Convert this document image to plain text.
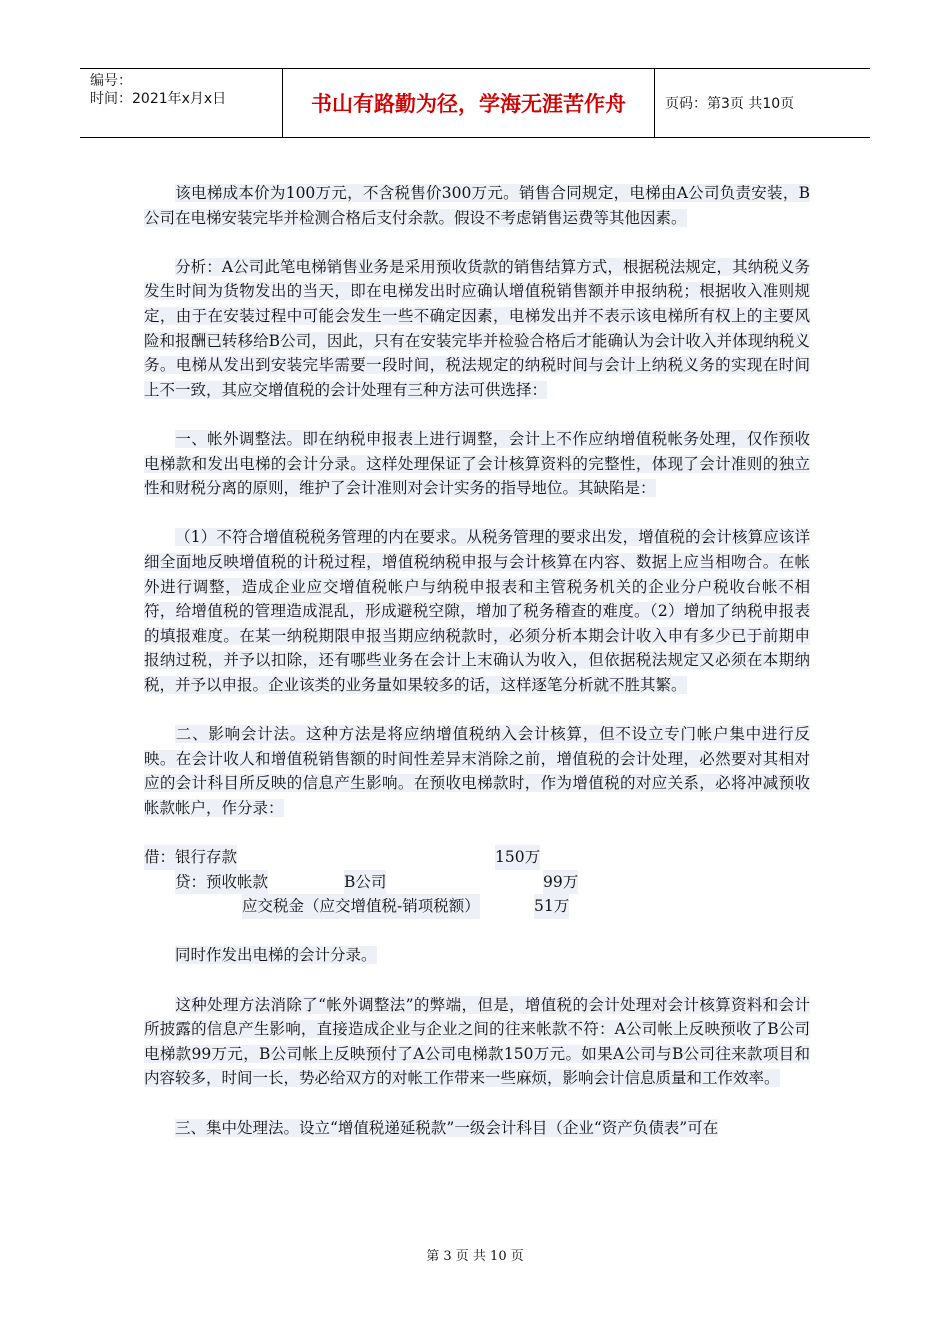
编号：
时间：2021年x月x日	书山有路勤为径，学海无涯苦作舟	页码：第3页 共10页

该电梯成本价为100万元，不含税售价300万元。销售合同规定，电梯由A公司负责安装，B公司在电梯安装完毕并检测合格后支付余款。假设不考虑销售运费等其他因素。

分析：A公司此笔电梯销售业务是采用预收货款的销售结算方式，根据税法规定，其纳税义务发生时间为货物发出的当天，即在电梯发出时应确认增值税销售额并申报纳税；根据收入准则规定，由于在安装过程中可能会发生一些不确定因素，电梯发出并不表示该电梯所有权上的主要风险和报酬已转移给B公司，因此，只有在安装完毕并检验合格后才能确认为会计收入并体现纳税义务。电梯从发出到安装完毕需要一段时间，税法规定的纳税时间与会计上纳税义务的实现在时间上不一致，其应交增值税的会计处理有三种方法可供选择：

一、帐外调整法。即在纳税申报表上进行调整，会计上不作应纳增值税帐务处理，仅作预收电梯款和发出电梯的会计分录。这样处理保证了会计核算资料的完整性，体现了会计准则的独立性和财税分离的原则，维护了会计准则对会计实务的指导地位。其缺陷是：

（1）不符合增值税税务管理的内在要求。从税务管理的要求出发，增值税的会计核算应该详细全面地反映增值税的计税过程，增值税纳税申报与会计核算在内容、数据上应当相吻合。在帐外进行调整，造成企业应交增值税帐户与纳税申报表和主管税务机关的企业分户税收台帐不相符，给增值税的管理造成混乱，形成避税空隙，增加了税务稽查的难度。（2）增加了纳税申报表的填报难度。在某一纳税期限申报当期应纳税款时，必须分析本期会计收入申有多少已于前期申报纳过税，并予以扣除，还有哪些业务在会计上末确认为收入，但依据税法规定又必须在本期纳税，并予以申报。企业该类的业务量如果较多的话，这样逐笔分析就不胜其繁。

二、影响会计法。这种方法是将应纳增值税纳入会计核算，但不设立专门帐户集中进行反映。在会计收人和增值税销售额的时间性差异末消除之前，增值税的会计处理，必然要对其相对应的会计科目所反映的信息产生影响。在预收电梯款时，作为增值税的对应关系，必将冲减预收帐款帐户，作分录：

借：银行存款	150万
贷：预收帐款	B公司	99万
应交税金（应交增值税-销项税额）	51万

同时作发出电梯的会计分录。

这种处理方法消除了“帐外调整法”的弊端，但是，增值税的会计处理对会计核算资料和会计所披露的信息产生影响，直接造成企业与企业之间的往来帐款不符：A公司帐上反映预收了B公司电梯款99万元，B公司帐上反映预付了A公司电梯款150万元。如果A公司与B公司往来款项目和内容较多，时间一长，势必给双方的对帐工作带来一些麻烦，影响会计信息质量和工作效率。

三、集中处理法。设立“增值税递延税款”一级会计科目（企业“资产负债表”可在

第 3 页 共 10 页
